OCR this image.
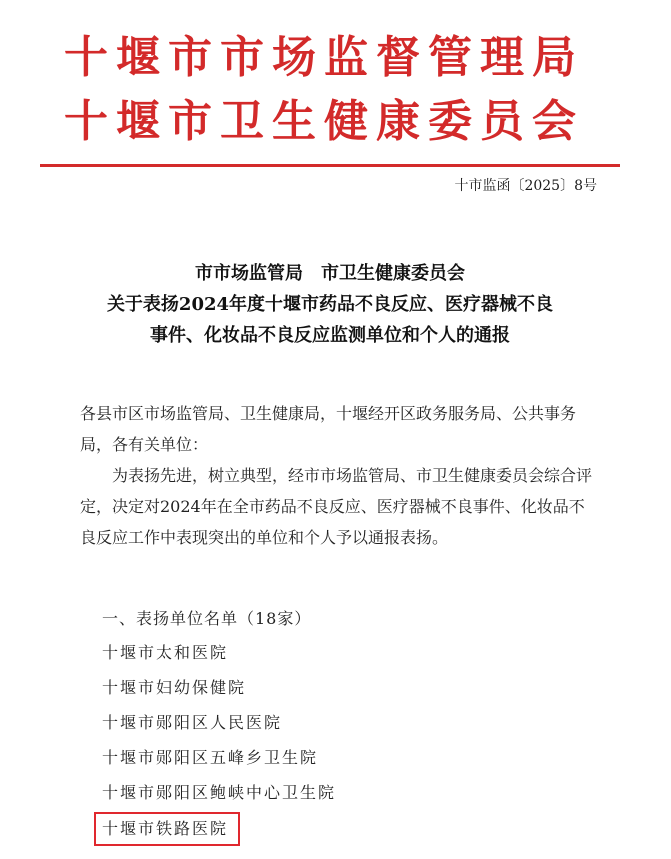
十堰市市场监督管理局
十堰市卫生健康委员会
十市监函〔2025〕8号
市市场监管局　市卫生健康委员会
关于表扬2024年度十堰市药品不良反应、医疗器械不良
事件、化妆品不良反应监测单位和个人的通报
各县市区市场监管局、卫生健康局，十堰经开区政务服务局、公共事务局，各有关单位：
为表扬先进，树立典型，经市市场监管局、市卫生健康委员会综合评定，决定对2024年在全市药品不良反应、医疗器械不良事件、化妆品不良反应工作中表现突出的单位和个人予以通报表扬。
一、表扬单位名单（18家）
十堰市太和医院
十堰市妇幼保健院
十堰市郧阳区人民医院
十堰市郧阳区五峰乡卫生院
十堰市郧阳区鲍峡中心卫生院
十堰市铁路医院
